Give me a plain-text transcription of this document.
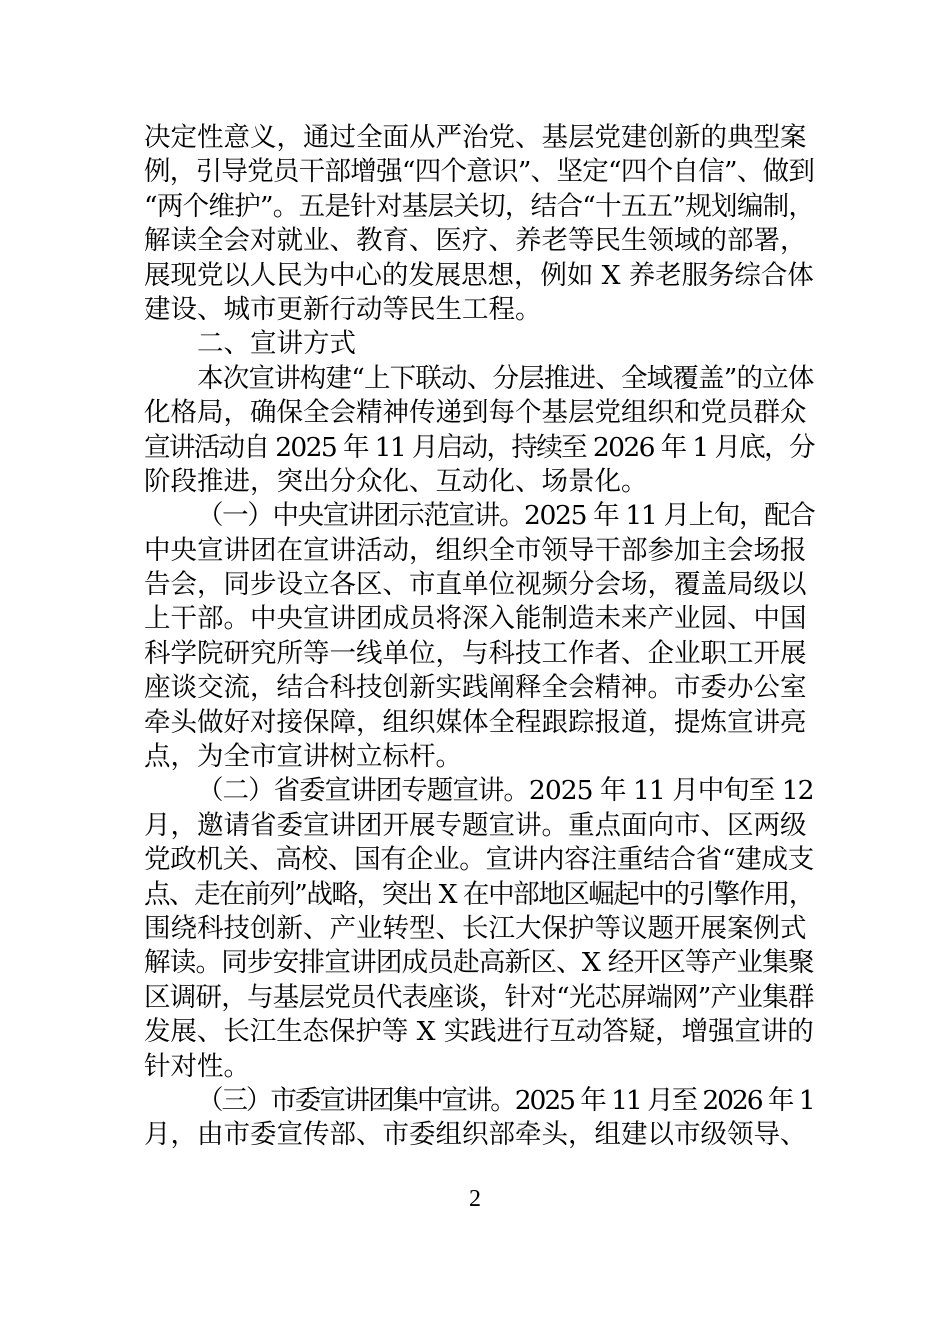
决定性意义，通过全面从严治党、基层党建创新的典型案
例，引导党员干部增强“四个意识”、坚定“四个自信”、做到
“两个维护”。五是针对基层关切，结合“十五五”规划编制，
解读全会对就业、教育、医疗、养老等民生领域的部署，
展现党以人民为中心的发展思想，例如 X 养老服务综合体
建设、城市更新行动等民生工程。
二、宣讲方式
本次宣讲构建“上下联动、分层推进、全域覆盖”的立体
化格局，确保全会精神传递到每个基层党组织和党员群众
宣讲活动自 2025 年 11 月启动，持续至 2026 年 1 月底，分
阶段推进，突出分众化、互动化、场景化。
（一）中央宣讲团示范宣讲。2025 年 11 月上旬，配合
中央宣讲团在宣讲活动，组织全市领导干部参加主会场报
告会，同步设立各区、市直单位视频分会场，覆盖局级以
上干部。中央宣讲团成员将深入能制造未来产业园、中国
科学院研究所等一线单位，与科技工作者、企业职工开展
座谈交流，结合科技创新实践阐释全会精神。市委办公室
牵头做好对接保障，组织媒体全程跟踪报道，提炼宣讲亮
点，为全市宣讲树立标杆。
（二）省委宣讲团专题宣讲。2025 年 11 月中旬至 12
月，邀请省委宣讲团开展专题宣讲。重点面向市、区两级
党政机关、高校、国有企业。宣讲内容注重结合省“建成支
点、走在前列”战略，突出 X 在中部地区崛起中的引擎作用，
围绕科技创新、产业转型、长江大保护等议题开展案例式
解读。同步安排宣讲团成员赴高新区、X 经开区等产业集聚
区调研，与基层党员代表座谈，针对“光芯屏端网”产业集群
发展、长江生态保护等 X 实践进行互动答疑，增强宣讲的
针对性。
（三）市委宣讲团集中宣讲。2025 年 11 月至 2026 年 1
月，由市委宣传部、市委组织部牵头，组建以市级领导、
2
